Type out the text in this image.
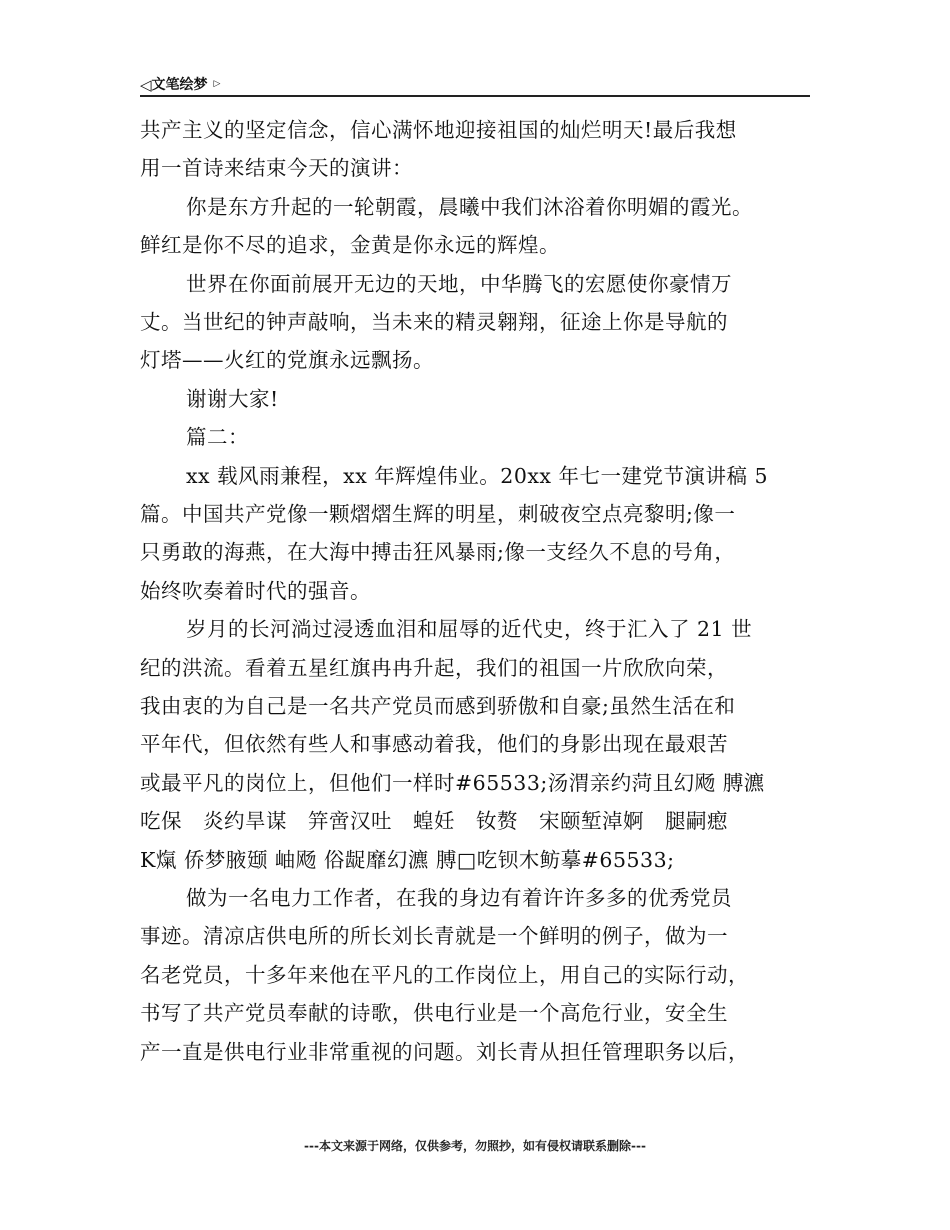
◁文笔绘梦 ▷
共产主义的坚定信念，信心满怀地迎接祖国的灿烂明天!最后我想
用一首诗来结束今天的演讲：
你是东方升起的一轮朝霞，晨曦中我们沐浴着你明媚的霞光。
鲜红是你不尽的追求，金黄是你永远的辉煌。
世界在你面前展开无边的天地，中华腾飞的宏愿使你豪情万
丈。当世纪的钟声敲响，当未来的精灵翱翔，征途上你是导航的
灯塔——火红的党旗永远飘扬。
谢谢大家!
篇二：
xx 载风雨兼程，xx 年辉煌伟业。20xx 年七一建党节演讲稿 5
篇。中国共产党像一颗熠熠生辉的明星，刺破夜空点亮黎明;像一
只勇敢的海燕，在大海中搏击狂风暴雨;像一支经久不息的号角，
始终吹奏着时代的强音。
岁月的长河淌过浸透血泪和屈辱的近代史，终于汇入了 21 世
纪的洪流。看着五星红旗冉冉升起，我们的祖国一片欣欣向荣，
我由衷的为自己是一名共产党员而感到骄傲和自豪;虽然生活在和
平年代，但依然有些人和事感动着我，他们的身影出现在最艰苦
或最平凡的岗位上，但他们一样时#65533;汤渭亲约菏且幻飏 膊瀌
吃保　炎约旱谋　笄啻汉吐　蝗妊　钕赘　宋颐堑淖婀　腿嗣瘛
K熂 侨梦腋颋 岫飏 俗龊靡幻瀌 膊□吃钡木鲂摹#65533;
做为一名电力工作者，在我的身边有着许许多多的优秀党员
事迹。清凉店供电所的所长刘长青就是一个鲜明的例子，做为一
名老党员，十多年来他在平凡的工作岗位上，用自己的实际行动，
书写了共产党员奉献的诗歌，供电行业是一个高危行业，安全生
产一直是供电行业非常重视的问题。刘长青从担任管理职务以后，
---本文来源于网络，仅供参考，勿照抄，如有侵权请联系删除---
